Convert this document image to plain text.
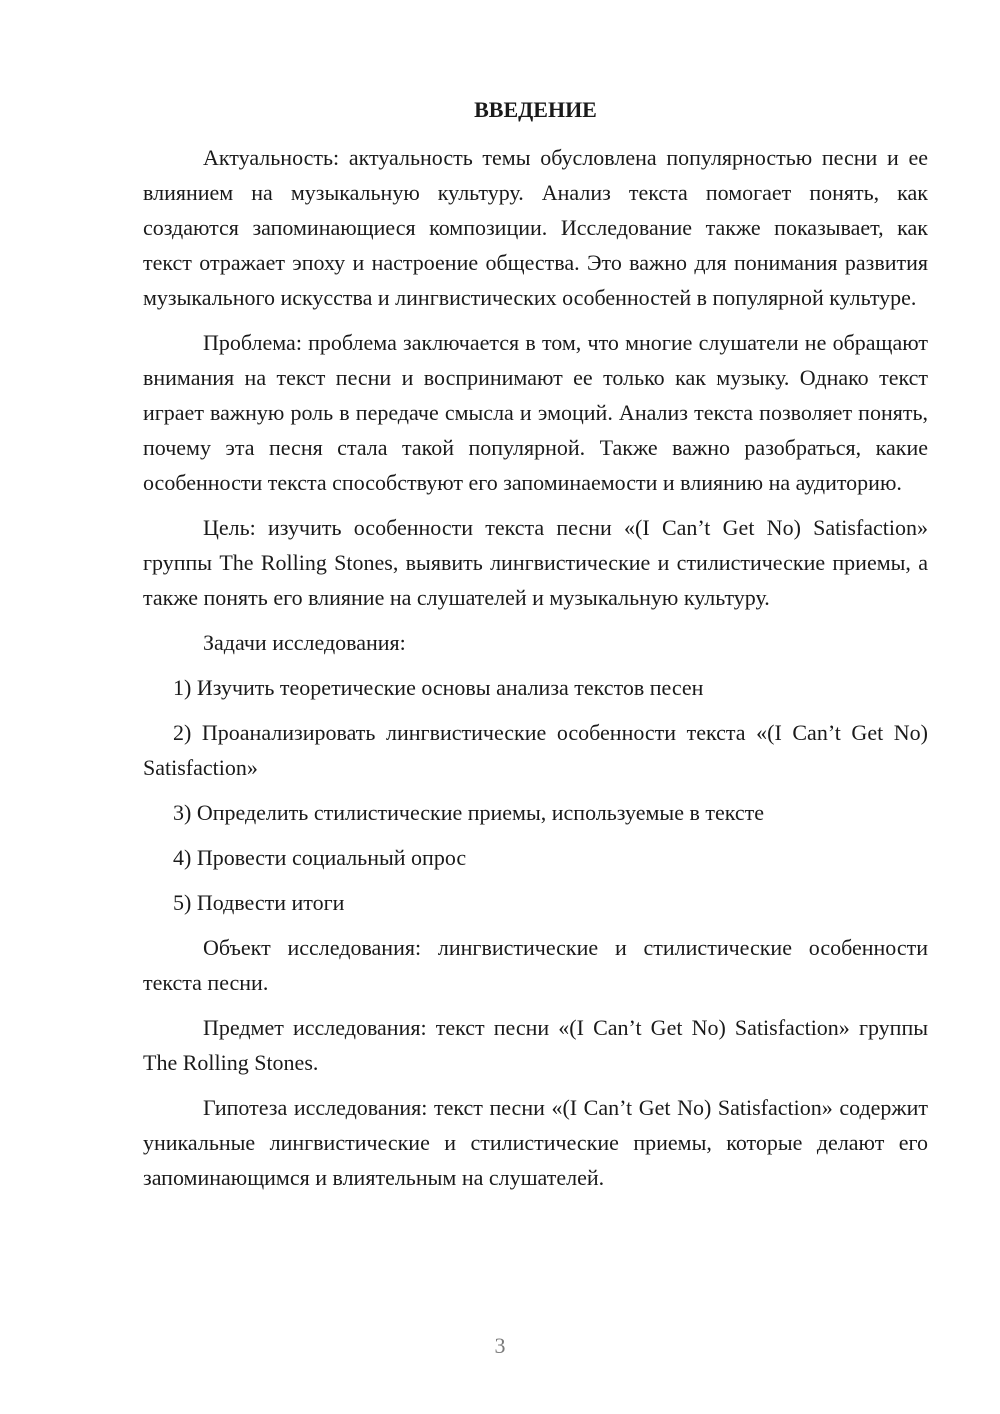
ВВЕДЕНИЕ

Актуальность: актуальность темы обусловлена популярностью песни и ее влиянием на музыкальную культуру. Анализ текста помогает понять, как создаются запоминающиеся композиции. Исследование также показывает, как текст отражает эпоху и настроение общества. Это важно для понимания развития музыкального искусства и лингвистических особенностей в популярной культуре.

Проблема: проблема заключается в том, что многие слушатели не обращают внимания на текст песни и воспринимают ее только как музыку. Однако текст играет важную роль в передаче смысла и эмоций. Анализ текста позволяет понять, почему эта песня стала такой популярной. Также важно разобраться, какие особенности текста способствуют его запоминаемости и влиянию на аудиторию.

Цель: изучить особенности текста песни «(I Can’t Get No) Satisfaction» группы The Rolling Stones, выявить лингвистические и стилистические приемы, а также понять его влияние на слушателей и музыкальную культуру.

Задачи исследования:

1) Изучить теоретические основы анализа текстов песен

2) Проанализировать лингвистические особенности текста «(I Can’t Get No) Satisfaction»

3) Определить стилистические приемы, используемые в тексте

4) Провести социальный опрос

5) Подвести итоги

Объект исследования: лингвистические и стилистические особенности текста песни.

Предмет исследования: текст песни «(I Can’t Get No) Satisfaction» группы The Rolling Stones.

Гипотеза исследования: текст песни «(I Can’t Get No) Satisfaction» содержит уникальные лингвистические и стилистические приемы, которые делают его запоминающимся и влиятельным на слушателей.

3
